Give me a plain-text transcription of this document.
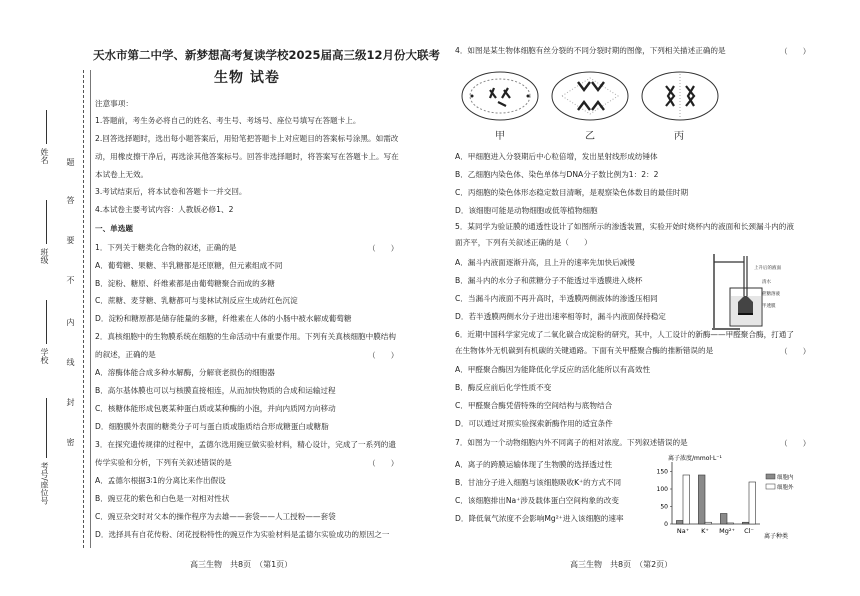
姓名
班级
学校
考号/座位号
题
答
要
不
内
线
封
密
天水市第二中学、新梦想高考复读学校2025届高三级12月份大联考
生物 试卷
注意事项：
1.答题前，考生务必将自己的姓名、考生号、考场号、座位号填写在答题卡上。
2.回答选择题时，选出每小题答案后，用铅笔把答题卡上对应题目的答案标号涂黑。如需改
动，用橡皮擦干净后，再选涂其他答案标号。回答非选择题时，将答案写在答题卡上。写在
本试卷上无效。
3.考试结束后，将本试卷和答题卡一并交回。
4.本试卷主要考试内容：人教版必修1、2
一、单选题
1．下列关于糖类化合物的叙述，正确的是	（　　）
A．葡萄糖、果糖、半乳糖都是还原糖，但元素组成不同
B．淀粉、糖原、纤维素都是由葡萄糖聚合而成的多糖
C．蔗糖、麦芽糖、乳糖都可与斐林试剂反应生成砖红色沉淀
D．淀粉和糖原都是储存能量的多糖，纤维素在人体的小肠中被水解成葡萄糖
2．真核细胞中的生物膜系统在细胞的生命活动中有重要作用。下列有关真核细胞中膜结构
的叙述，正确的是	（　　）
A．溶酶体能合成多种水解酶，分解衰老损伤的细胞器
B．高尔基体膜也可以与核膜直接相连，从而加快物质的合成和运输过程
C．核糖体能形成包裹某种蛋白质或某种酶的小泡，并向内质网方向移动
D．细胞膜外表面的糖类分子可与蛋白质或脂质结合形成糖蛋白或糖脂
3．在探究遗传规律的过程中，孟德尔选用豌豆做实验材料，精心设计，完成了一系列的遗
传学实验和分析，下列有关叙述错误的是	（　　）
A．孟德尔根据3∶1的分离比来作出假设
B．豌豆花的紫色和白色是一对相对性状
C．豌豆杂交时对父本的操作程序为去雄——套袋——人工授粉——套袋
D．选择具有自花传粉、闭花授粉特性的豌豆作为实验材料是孟德尔实验成功的原因之一
高三生物　共8页　（第1页）
4．如图是某生物体细胞有丝分裂的不同分裂时期的图像，下列相关描述正确的是	（　　）
甲	乙	丙
A．甲细胞进入分裂期后中心粒倍增，发出星射线形成纺锤体
B．乙细胞内染色体、染色单体与DNA分子数比例为1：2：2
C．丙细胞的染色体形态稳定数目清晰，是观察染色体数目的最佳时期
D．该细胞可能是动物细胞或低等植物细胞
5．某同学为验证膜的通透性设计了如图所示的渗透装置，实验开始时烧杯内的液面和长颈漏斗内的液
面齐平，下列有关叙述正确的是（　　）
A．漏斗内液面逐渐升高，且上升的速率先加快后减慢
B．漏斗内的水分子和蔗糖分子不能透过半透膜进入烧杯
C．当漏斗内液面不再升高时，半透膜两侧液体的渗透压相同
D．若半透膜两侧水分子进出速率相等时，漏斗内液面保持稳定
上升后的液面
清水
蔗糖溶液
半透膜
6．近期中国科学家完成了二氧化碳合成淀粉的研究，其中，人工设计的新酶——甲醛聚合酶，打通了
在生物体外无机碳到有机碳的关键通路。下面有关甲醛聚合酶的推断错误的是	（　　）
A．甲醛聚合酶因为能降低化学反应的活化能所以有高效性
B．酶反应前后化学性质不变
C．甲醛聚合酶凭借特殊的空间结构与底物结合
D．可以通过对照实验探索新酶作用的适宜条件
7．如图为一个动物细胞内外不同离子的相对浓度。下列叙述错误的是	（　　）
A．离子的跨膜运输体现了生物膜的选择透过性
B．甘油分子进入细胞与该细胞吸收K⁺的方式不同
C．该细胞排出Na⁺涉及载体蛋白空间构象的改变
D．降低氧气浓度不会影响Mg²⁺进入该细胞的速率
离子浓度/mmol·L⁻¹
离子种类
0
50
100
150
Na⁺ K⁺ Mg²⁺ Cl⁻
细胞内
细胞外
高三生物　共8页　（第2页）
